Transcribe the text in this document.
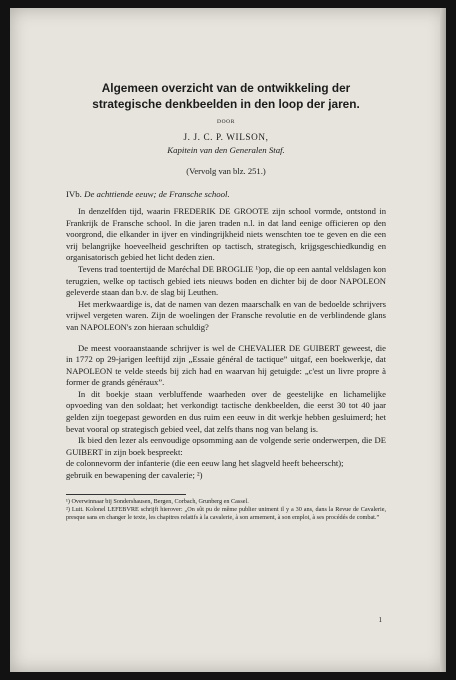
Algemeen overzicht van de ontwikkeling der strategische denkbeelden in den loop der jaren.
DOOR
J. J. C. P. WILSON,
Kapitein van den Generalen Staf.
(Vervolg van blz. 251.)
IVb. De achttiende eeuw; de Fransche school.

In denzelfden tijd, waarin FREDERIK DE GROOTE zijn school vormde, ontstond in Frankrijk de Fransche school. In die jaren traden n.l. in dat land eenige officieren op den voorgrond, die elkander in ijver en vindingrijkheid niets wenschten toe te geven en die een vrij belangrijke hoeveelheid geschriften op tactisch, strategisch, krijgsgeschiedkundig en organisatorisch gebied het licht deden zien.

Tevens trad toentertijd de Maréchal DE BROGLIE ¹)op, die op een aantal veldslagen kon terugzien, welke op tactisch gebied iets nieuws boden en dichter bij de door NAPOLEON geleverde staan dan b.v. de slag bij Leuthen.

Het merkwaardige is, dat de namen van dezen maarschalk en van de bedoelde schrijvers vrijwel vergeten waren. Zijn de woelingen der Fransche revolutie en de verblindende glans van NAPOLEON's zon hieraan schuldig?

De meest vooraanstaande schrijver is wel de CHEVALIER DE GUIBERT geweest, die in 1772 op 29-jarigen leeftijd zijn „Essaie général de tactique” uitgaf, een boekwerkje, dat NAPOLEON te velde steeds bij zich had en waarvan hij getuigde: „c'est un livre propre à former de grands généraux”.

In dit boekje staan verbluffende waarheden over de geestelijke en lichamelijke opvoeding van den soldaat; het verkondigt tactische denkbeelden, die eerst 30 tot 40 jaar gelden zijn toegepast geworden en dus ruim een eeuw in dit werkje hebben gesluimerd; het bevat vooral op strategisch gebied veel, dat zelfs thans nog van belang is.

Ik bied den lezer als eenvoudige opsomming aan de volgende serie onderwerpen, die DE GUIBERT in zijn boek bespreekt:

de colonnevorm der infanterie (die een eeuw lang het slagveld heeft beheerscht);

gebruik en bewapening der cavalerie; ²)

¹) Overwinnaar bij Sondershausen, Bergen, Corbach, Grunberg en Cassel.

²) Luit. Kolonel LEFEBVRE schrijft hierover: „On sût pu de même publier uniment il y a 30 ans, dans la Revue de Cavalerie, presque sans en changer le texte, les chapitres relatifs à la cavalerie, à son armement, à son emploi, à ses procédés de combat.”

1
